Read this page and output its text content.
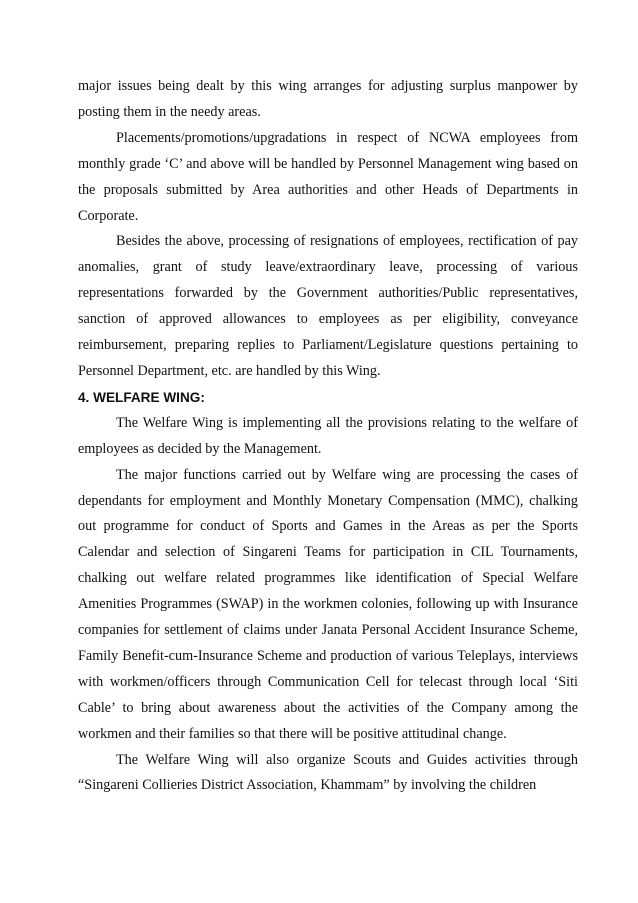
major issues being dealt by this wing arranges for adjusting surplus manpower by posting them in the needy areas.

Placements/promotions/upgradations in respect of NCWA employees from monthly grade ‘C’ and above will be handled by Personnel Management wing based on the proposals submitted by Area authorities and other Heads of Departments in Corporate.

Besides the above, processing of resignations of employees, rectification of pay anomalies, grant of study leave/extraordinary leave, processing of various representations forwarded by the Government authorities/Public representatives, sanction of approved allowances to employees as per eligibility, conveyance reimbursement, preparing replies to Parliament/Legislature questions pertaining to Personnel Department, etc. are handled by this Wing.

4. WELFARE WING:

The Welfare Wing is implementing all the provisions relating to the welfare of employees as decided by the Management.

The major functions carried out by Welfare wing are processing the cases of dependants for employment and Monthly Monetary Compensation (MMC), chalking out programme for conduct of Sports and Games in the Areas as per the Sports Calendar and selection of Singareni Teams for participation in CIL Tournaments, chalking out welfare related programmes like identification of Special Welfare Amenities Programmes (SWAP) in the workmen colonies, following up with Insurance companies for settlement of claims under Janata Personal Accident Insurance Scheme, Family Benefit-cum-Insurance Scheme and production of various Teleplays, interviews with workmen/officers through Communication Cell for telecast through local ‘Siti Cable’ to bring about awareness about the activities of the Company among the workmen and their families so that there will be positive attitudinal change.

The Welfare Wing will also organize Scouts and Guides activities through “Singareni Collieries District Association, Khammam” by involving the children
